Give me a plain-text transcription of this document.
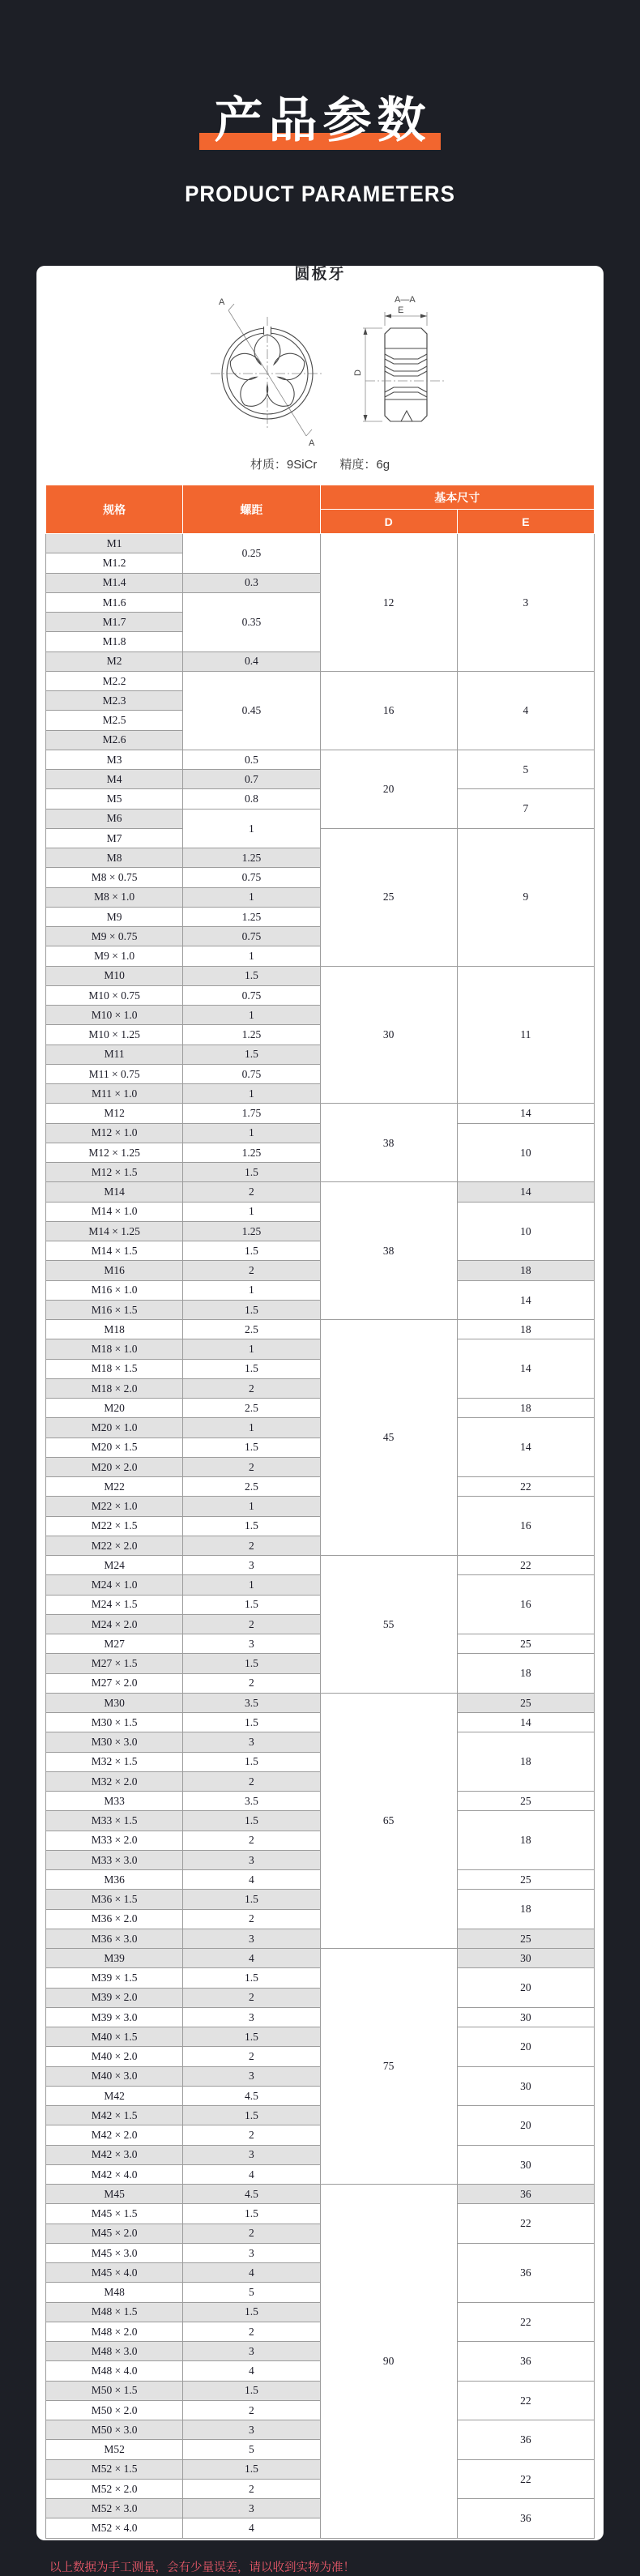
产品参数
PRODUCT PARAMETERS
圆板牙
A
A
A—A
E
D
材质：9SiCr 精度：6g
规格	螺距	基本尺寸	
		D	E
M1	0.25	12	3
M1.2			
M1.4	0.3		
M1.6	0.35		
M1.7			
M1.8			
M2	0.4		
M2.2	0.45	16	4
M2.3			
M2.5			
M2.6			
M3	0.5	20	5
M4	0.7		
M5	0.8		7
M6	1		
M7		25	9
M8	1.25		
M8 × 0.75	0.75		
M8 × 1.0	1		
M9	1.25		
M9 × 0.75	0.75		
M9 × 1.0	1		
M10	1.5	30	11
M10 × 0.75	0.75		
M10 × 1.0	1		
M10 × 1.25	1.25		
M11	1.5		
M11 × 0.75	0.75		
M11 × 1.0	1		
M12	1.75	38	14
M12 × 1.0	1		10
M12 × 1.25	1.25		
M12 × 1.5	1.5		
M14	2	38	14
M14 × 1.0	1		10
M14 × 1.25	1.25		
M14 × 1.5	1.5		
M16	2		18
M16 × 1.0	1		14
M16 × 1.5	1.5		
M18	2.5	45	18
M18 × 1.0	1		14
M18 × 1.5	1.5		
M18 × 2.0	2		
M20	2.5		18
M20 × 1.0	1		14
M20 × 1.5	1.5		
M20 × 2.0	2		
M22	2.5		22
M22 × 1.0	1		16
M22 × 1.5	1.5		
M22 × 2.0	2		
M24	3	55	22
M24 × 1.0	1		16
M24 × 1.5	1.5		
M24 × 2.0	2		
M27	3		25
M27 × 1.5	1.5		18
M27 × 2.0	2		
M30	3.5	65	25
M30 × 1.5	1.5		14
M30 × 3.0	3		18
M32 × 1.5	1.5		
M32 × 2.0	2		
M33	3.5		25
M33 × 1.5	1.5		18
M33 × 2.0	2		
M33 × 3.0	3		
M36	4		25
M36 × 1.5	1.5		18
M36 × 2.0	2		
M36 × 3.0	3		25
M39	4	75	30
M39 × 1.5	1.5		20
M39 × 2.0	2		
M39 × 3.0	3		30
M40 × 1.5	1.5		20
M40 × 2.0	2		
M40 × 3.0	3		30
M42	4.5		
M42 × 1.5	1.5		20
M42 × 2.0	2		
M42 × 3.0	3		30
M42 × 4.0	4		
M45	4.5	90	36
M45 × 1.5	1.5		22
M45 × 2.0	2		
M45 × 3.0	3		36
M45 × 4.0	4		
M48	5		
M48 × 1.5	1.5		22
M48 × 2.0	2		
M48 × 3.0	3		36
M48 × 4.0	4		
M50 × 1.5	1.5		22
M50 × 2.0	2		
M50 × 3.0	3		36
M52	5		
M52 × 1.5	1.5		22
M52 × 2.0	2		
M52 × 3.0	3		36
M52 × 4.0	4		
以上数据为手工测量，会有少量误差，请以收到实物为准！
